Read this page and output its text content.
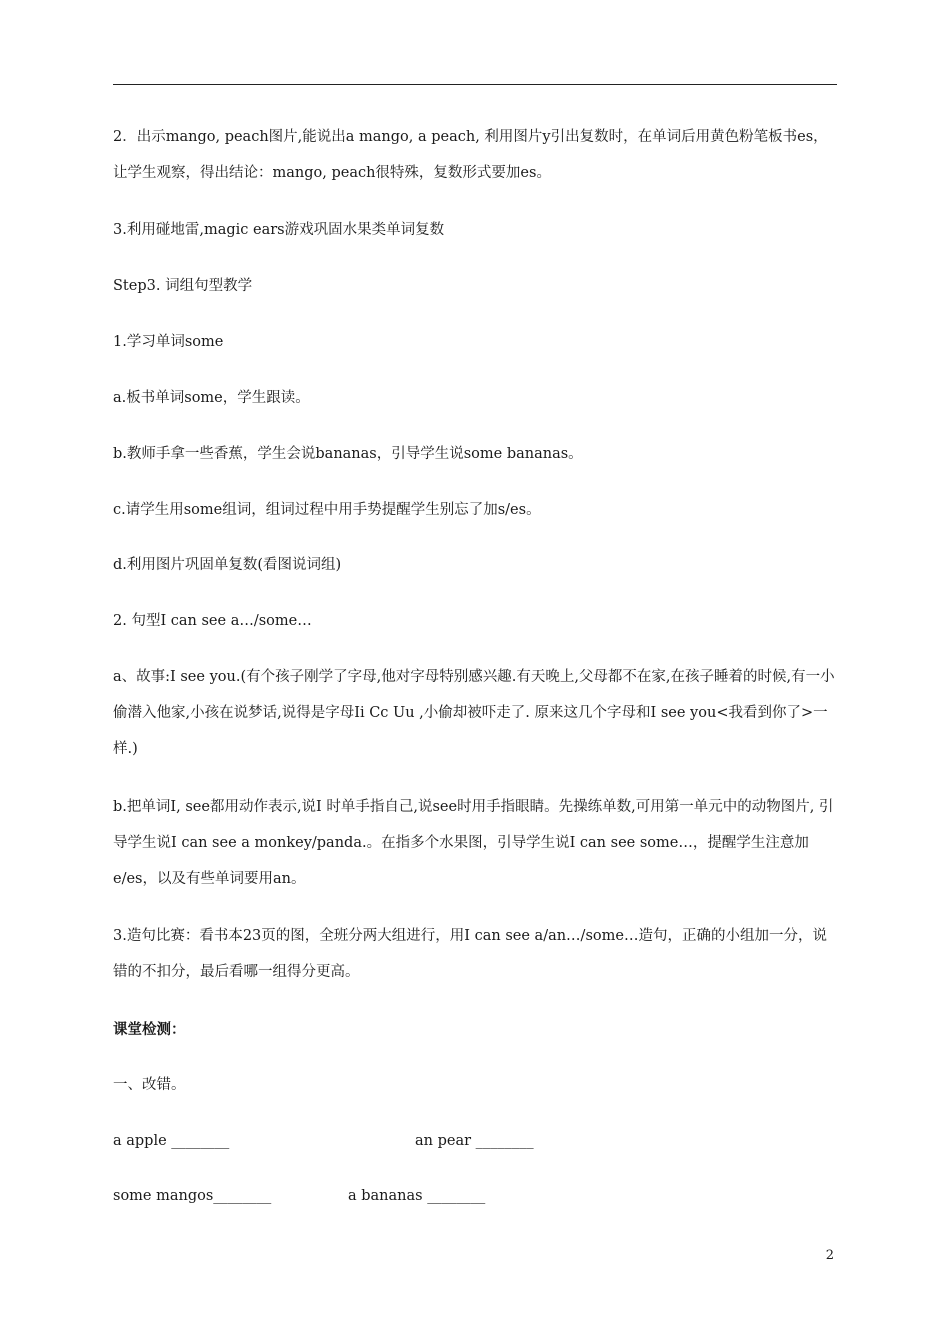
2．出示mango, peach图片,能说出a mango, a peach, 利用图片y引出复数时，在单词后用黄色粉笔板书es，让学生观察，得出结论：mango, peach很特殊，复数形式要加es。
3.利用碰地雷,magic ears游戏巩固水果类单词复数
Step3. 词组句型教学
1.学习单词some
a.板书单词some，学生跟读。
b.教师手拿一些香蕉，学生会说bananas，引导学生说some bananas。
c.请学生用some组词，组词过程中用手势提醒学生别忘了加s/es。
d.利用图片巩固单复数(看图说词组)
2. 句型I can see a…/some…
a、故事:I see you.(有个孩子刚学了字母,他对字母特别感兴趣.有天晚上,父母都不在家,在孩子睡着的时候,有一小偷潜入他家,小孩在说梦话,说得是字母Ii Cc Uu ,小偷却被吓走了. 原来这几个字母和I see you<我看到你了>一样.)
b.把单词I, see都用动作表示,说I 时单手指自己,说see时用手指眼睛。先操练单数,可用第一单元中的动物图片, 引导学生说I can see a monkey/panda.。在指多个水果图，引导学生说I can see some…，提醒学生注意加e/es，以及有些单词要用an。
3.造句比赛：看书本23页的图，全班分两大组进行，用I can see a/an…/some…造句，正确的小组加一分，说错的不扣分，最后看哪一组得分更高。
课堂检测：
一、改错。
a apple ________	an pear ________
some mangos________	a bananas ________
2
